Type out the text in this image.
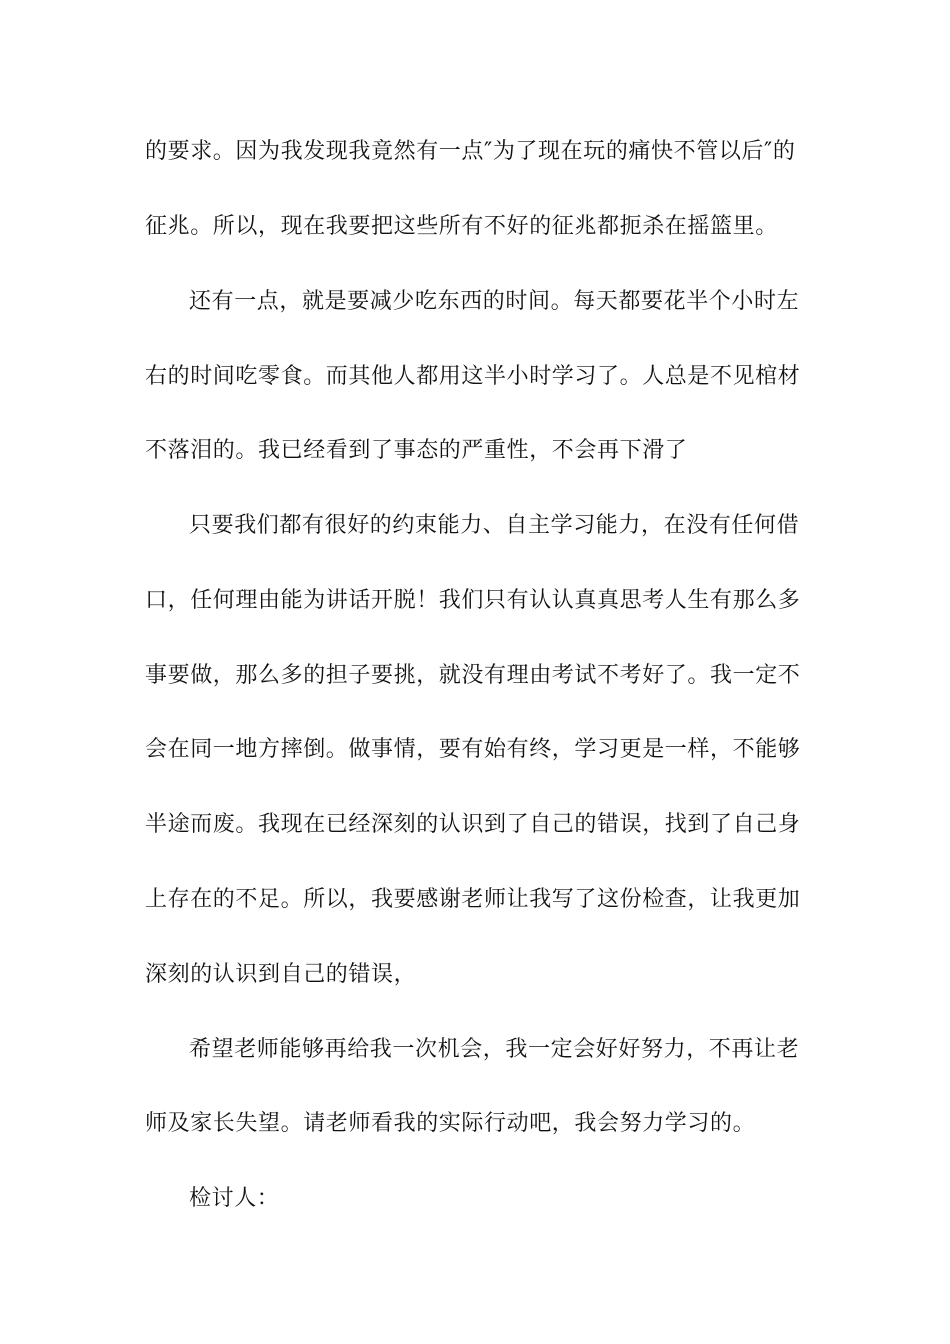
的要求。因为我发现我竟然有一点″为了现在玩的痛快不管以后″的
征兆。所以，现在我要把这些所有不好的征兆都扼杀在摇篮里。
还有一点，就是要减少吃东西的时间。每天都要花半个小时左
右的时间吃零食。而其他人都用这半小时学习了。人总是不见棺材
不落泪的。我已经看到了事态的严重性，不会再下滑了
只要我们都有很好的约束能力、自主学习能力，在没有任何借
口，任何理由能为讲话开脱！我们只有认认真真思考人生有那么多
事要做，那么多的担子要挑，就没有理由考试不考好了。我一定不
会在同一地方摔倒。做事情，要有始有终，学习更是一样，不能够
半途而废。我现在已经深刻的认识到了自己的错误，找到了自己身
上存在的不足。所以，我要感谢老师让我写了这份检查，让我更加
深刻的认识到自己的错误，
希望老师能够再给我一次机会，我一定会好好努力，不再让老
师及家长失望。请老师看我的实际行动吧，我会努力学习的。
检讨人：
